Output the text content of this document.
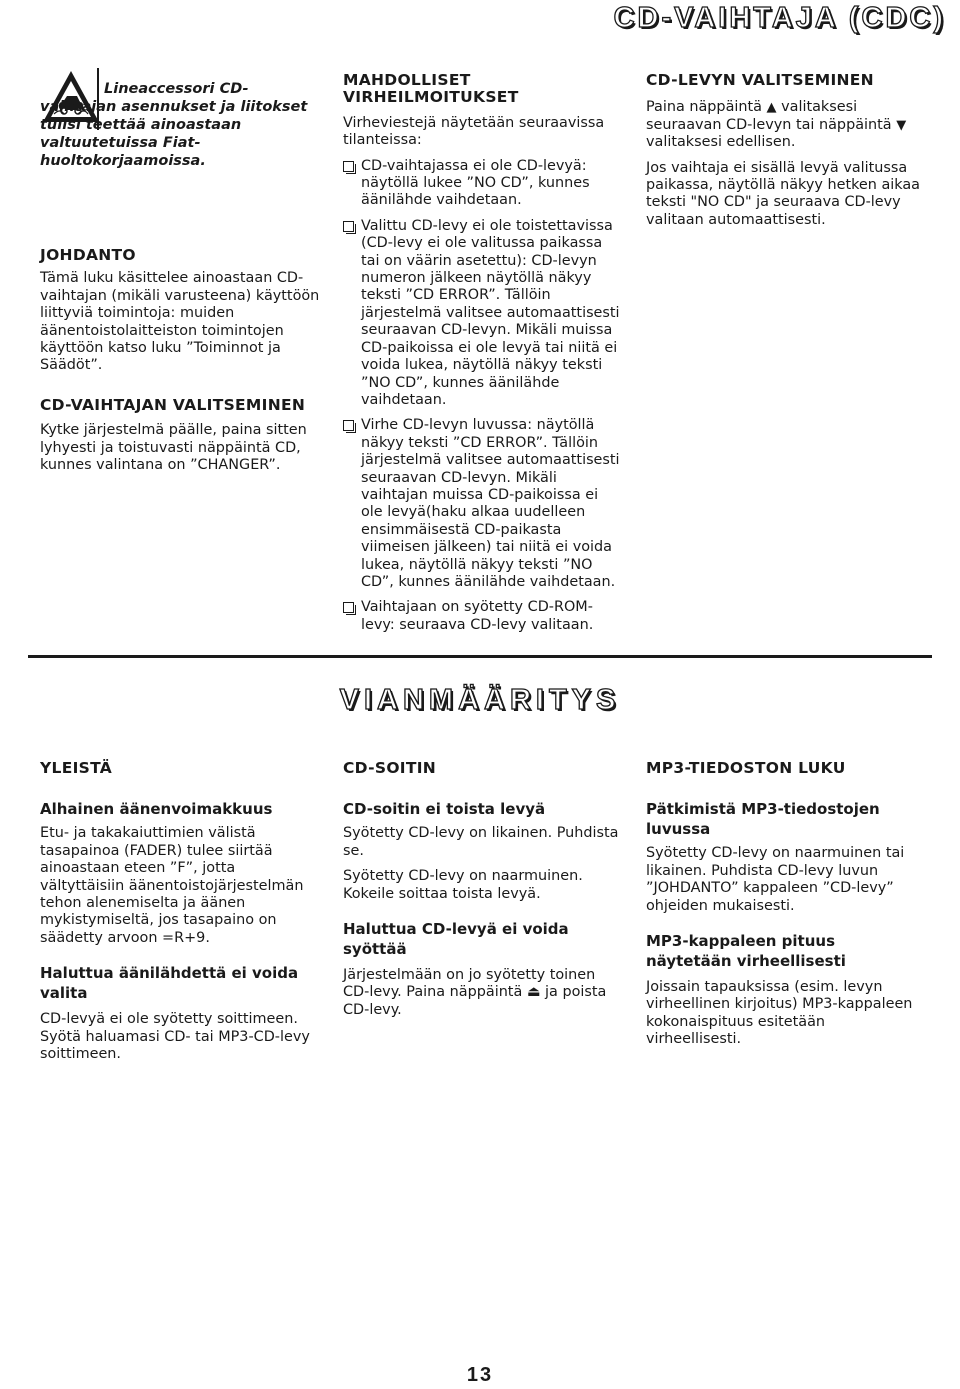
CD-VAIHTAJA (CDC)
Lineaccessori CD-vaihtajan asennukset ja liitokset tulisi teettää ainoastaan valtuutetuissa Fiat-huoltokorjaamoissa.
JOHDANTO

Tämä luku käsittelee ainoastaan CD-vaihtajan (mikäli varusteena) käyttöön liittyviä toimintoja: muiden äänentoistolaitteiston toimintojen käyttöön katso luku ”Toiminnot ja Säädöt”.

CD-VAIHTAJAN VALITSEMINEN

Kytke järjestelmä päälle, paina sitten lyhyesti ja toistuvasti näppäintä CD, kunnes valintana on ”CHANGER”.

MAHDOLLISET
VIRHEILMOITUKSET

Virheviestejä näytetään seuraavissa tilanteissa:

CD-vaihtajassa ei ole CD-levyä: näytöllä lukee ”NO CD”, kunnes äänilähde vaihdetaan.
Valittu CD-levy ei ole toistettavissa (CD-levy ei ole valitussa paikassa tai on väärin asetettu): CD-levyn numeron jälkeen näytöllä näkyy teksti ”CD ERROR”. Tällöin järjestelmä valitsee automaattisesti seuraavan CD-levyn. Mikäli muissa CD-paikoissa ei ole levyä tai niitä ei voida lukea, näytöllä näkyy teksti ”NO CD”, kunnes äänilähde vaihdetaan.
Virhe CD-levyn luvussa: näytöllä näkyy teksti ”CD ERROR”. Tällöin järjestelmä valitsee automaattisesti seuraavan CD-levyn. Mikäli vaihtajan muissa CD-paikoissa ei ole levyä(haku alkaa uudelleen ensimmäisestä CD-paikasta viimeisen jälkeen) tai niitä ei voida lukea, näytöllä näkyy teksti ”NO CD”, kunnes äänilähde vaihdetaan.
Vaihtajaan on syötetty CD-ROM-levy: seuraava CD-levy valitaan.
CD-LEVYN VALITSEMINEN

Paina näppäintä ▲ valitaksesi seuraavan CD-levyn tai näppäintä ▼ valitaksesi edellisen.

Jos vaihtaja ei sisällä levyä valitussa paikassa, näytöllä näkyy hetken aikaa teksti "NO CD" ja seuraava CD-levy valitaan automaattisesti.

VIANMÄÄRITYS
YLEISTÄ
Alhainen äänenvoimakkuus

Etu- ja takakaiuttimien välistä tasapainoa (FADER) tulee siirtää ainoastaan eteen ”F”, jotta vältyttäisiin äänentoistojärjestelmän tehon alenemiselta ja äänen mykistymiseltä, jos tasapaino on säädetty arvoon =R+9.

Haluttua äänilähdettä ei voida valita

CD-levyä ei ole syötetty soittimeen. Syötä haluamasi CD- tai MP3-CD-levy soittimeen.

CD-SOITIN
CD-soitin ei toista levyä

Syötetty CD-levy on likainen. Puhdista se.

Syötetty CD-levy on naarmuinen. Kokeile soittaa toista levyä.

Haluttua CD-levyä ei voida syöttää

Järjestelmään on jo syötetty toinen CD-levy. Paina näppäintä ⏏ ja poista CD-levy.

MP3-TIEDOSTON LUKU
Pätkimistä MP3-tiedostojen luvussa

Syötetty CD-levy on naarmuinen tai likainen. Puhdista CD-levy luvun ”JOHDANTO” kappaleen ”CD-levy” ohjeiden mukaisesti.

MP3-kappaleen pituus näytetään virheellisesti

Joissain tapauksissa (esim. levyn virheellinen kirjoitus) MP3-kappaleen kokonaispituus esitetään virheellisesti.

13
